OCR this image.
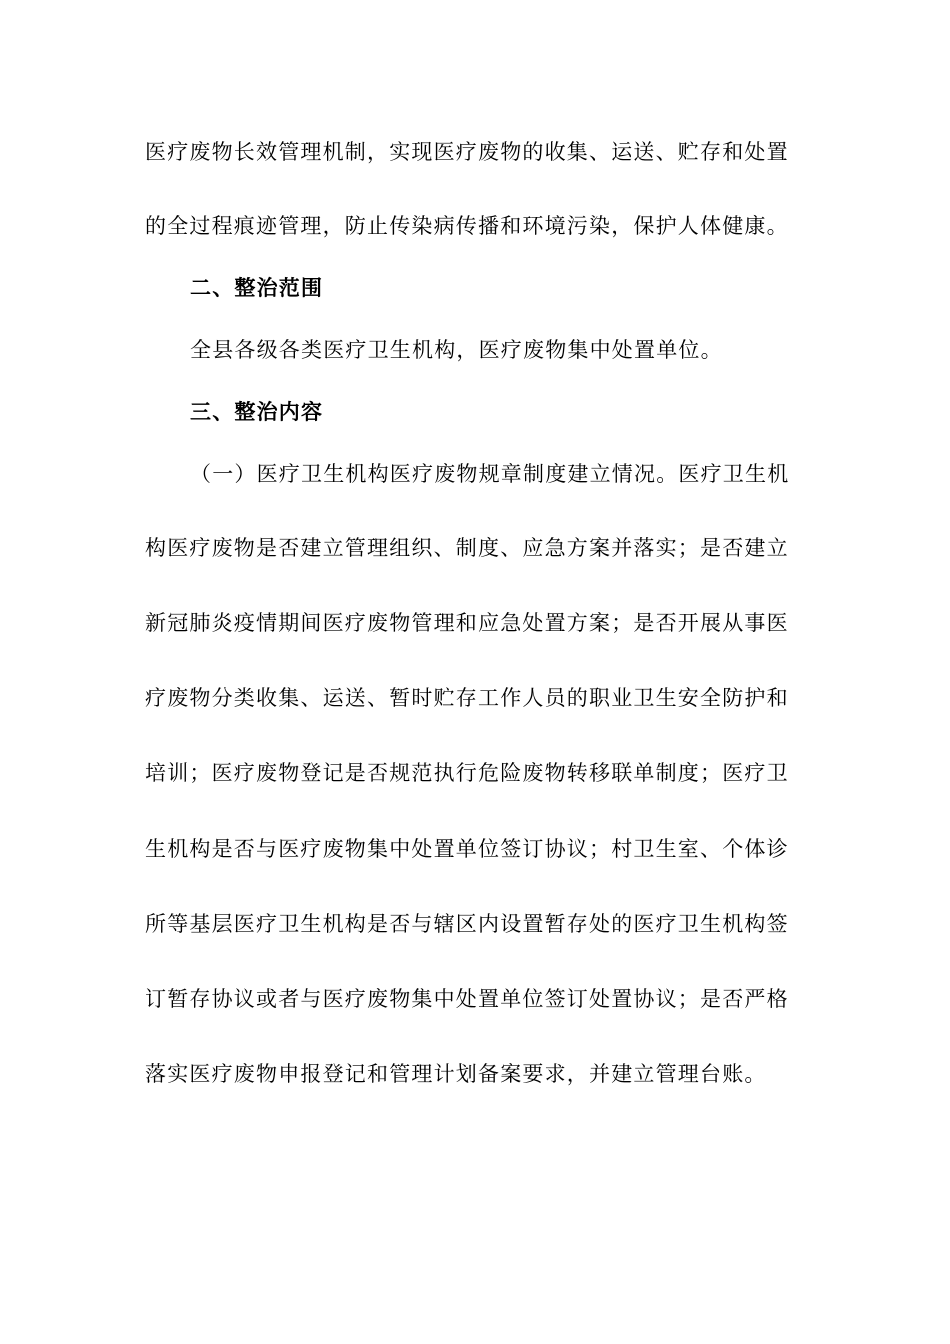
医疗废物长效管理机制，实现医疗废物的收集、运送、贮存和处置
的全过程痕迹管理，防止传染病传播和环境污染，保护人体健康。
二、整治范围
全县各级各类医疗卫生机构，医疗废物集中处置单位。
三、整治内容
（一）医疗卫生机构医疗废物规章制度建立情况。医疗卫生机
构医疗废物是否建立管理组织、制度、应急方案并落实；是否建立
新冠肺炎疫情期间医疗废物管理和应急处置方案；是否开展从事医
疗废物分类收集、运送、暂时贮存工作人员的职业卫生安全防护和
培训；医疗废物登记是否规范执行危险废物转移联单制度；医疗卫
生机构是否与医疗废物集中处置单位签订协议；村卫生室、个体诊
所等基层医疗卫生机构是否与辖区内设置暂存处的医疗卫生机构签
订暂存协议或者与医疗废物集中处置单位签订处置协议；是否严格
落实医疗废物申报登记和管理计划备案要求，并建立管理台账。
